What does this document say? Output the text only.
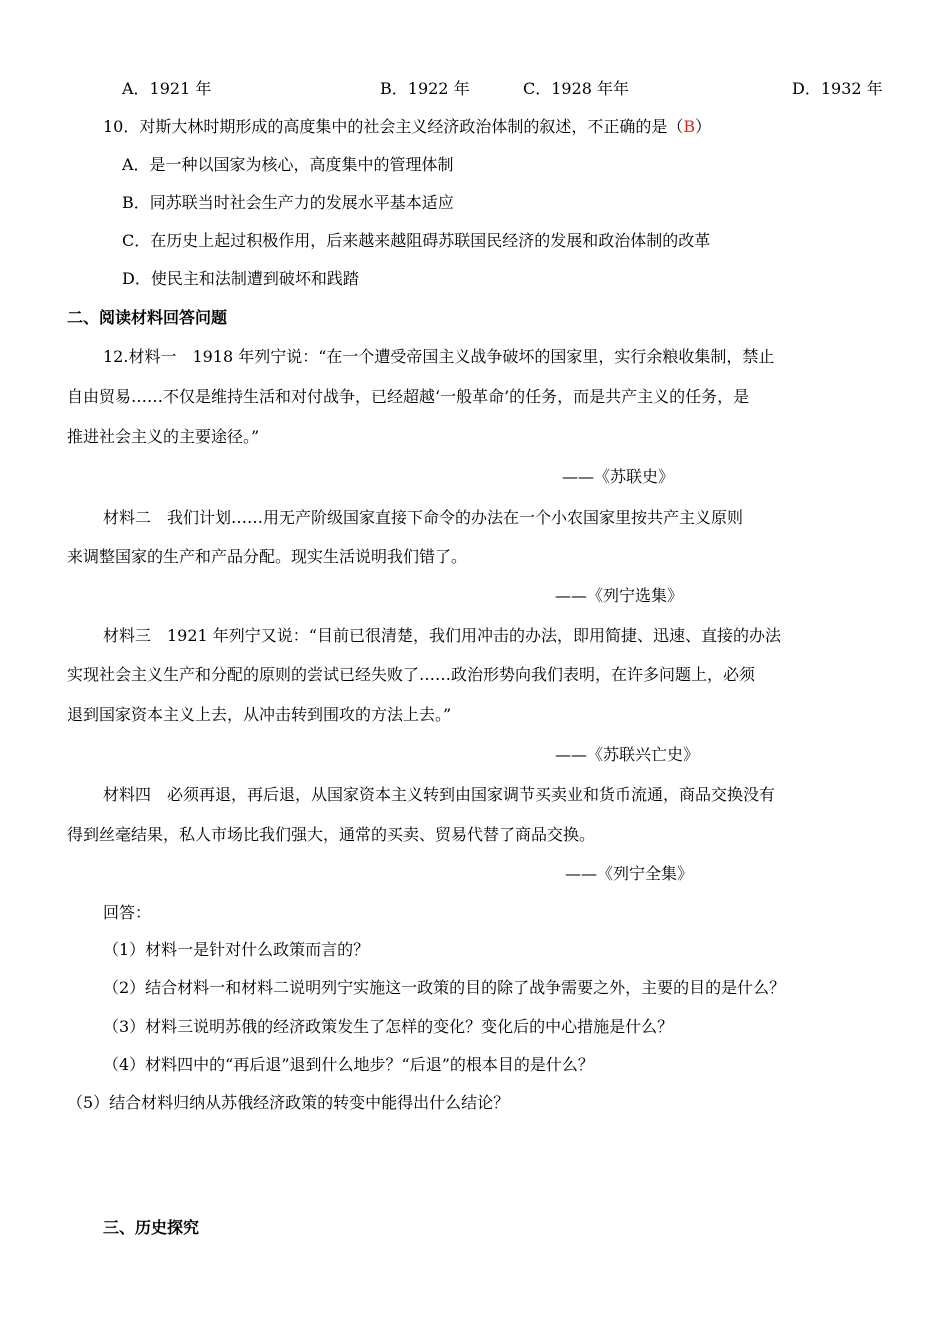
A．1921 年	B．1922 年	C．1928 年年	D．1932 年
10．对斯大林时期形成的高度集中的社会主义经济政治体制的叙述，不正确的是（B）
A．是一种以国家为核心，高度集中的管理体制
B．同苏联当时社会生产力的发展水平基本适应
C．在历史上起过积极作用，后来越来越阻碍苏联国民经济的发展和政治体制的改革
D．使民主和法制遭到破坏和践踏
二、阅读材料回答问题
12.材料一　1918 年列宁说：“在一个遭受帝国主义战争破坏的国家里，实行余粮收集制，禁止
自由贸易……不仅是维持生活和对付战争，已经超越‘一般革命’的任务，而是共产主义的任务，是
推进社会主义的主要途径。”
——《苏联史》
材料二　我们计划……用无产阶级国家直接下命令的办法在一个小农国家里按共产主义原则
来调整国家的生产和产品分配。现实生活说明我们错了。
——《列宁选集》
材料三　1921 年列宁又说：“目前已很清楚，我们用冲击的办法，即用简捷、迅速、直接的办法
实现社会主义生产和分配的原则的尝试已经失败了……政治形势向我们表明，在许多问题上，必须
退到国家资本主义上去，从冲击转到围攻的方法上去。”
——《苏联兴亡史》
材料四　必须再退，再后退，从国家资本主义转到由国家调节买卖业和货币流通，商品交换没有
得到丝毫结果，私人市场比我们强大，通常的买卖、贸易代替了商品交换。
——《列宁全集》
回答：
（1）材料一是针对什么政策而言的？
（2）结合材料一和材料二说明列宁实施这一政策的目的除了战争需要之外，主要的目的是什么？
（3）材料三说明苏俄的经济政策发生了怎样的变化？变化后的中心措施是什么？
（4）材料四中的“再后退”退到什么地步？“后退”的根本目的是什么？
（5）结合材料归纳从苏俄经济政策的转变中能得出什么结论？
三、历史探究
